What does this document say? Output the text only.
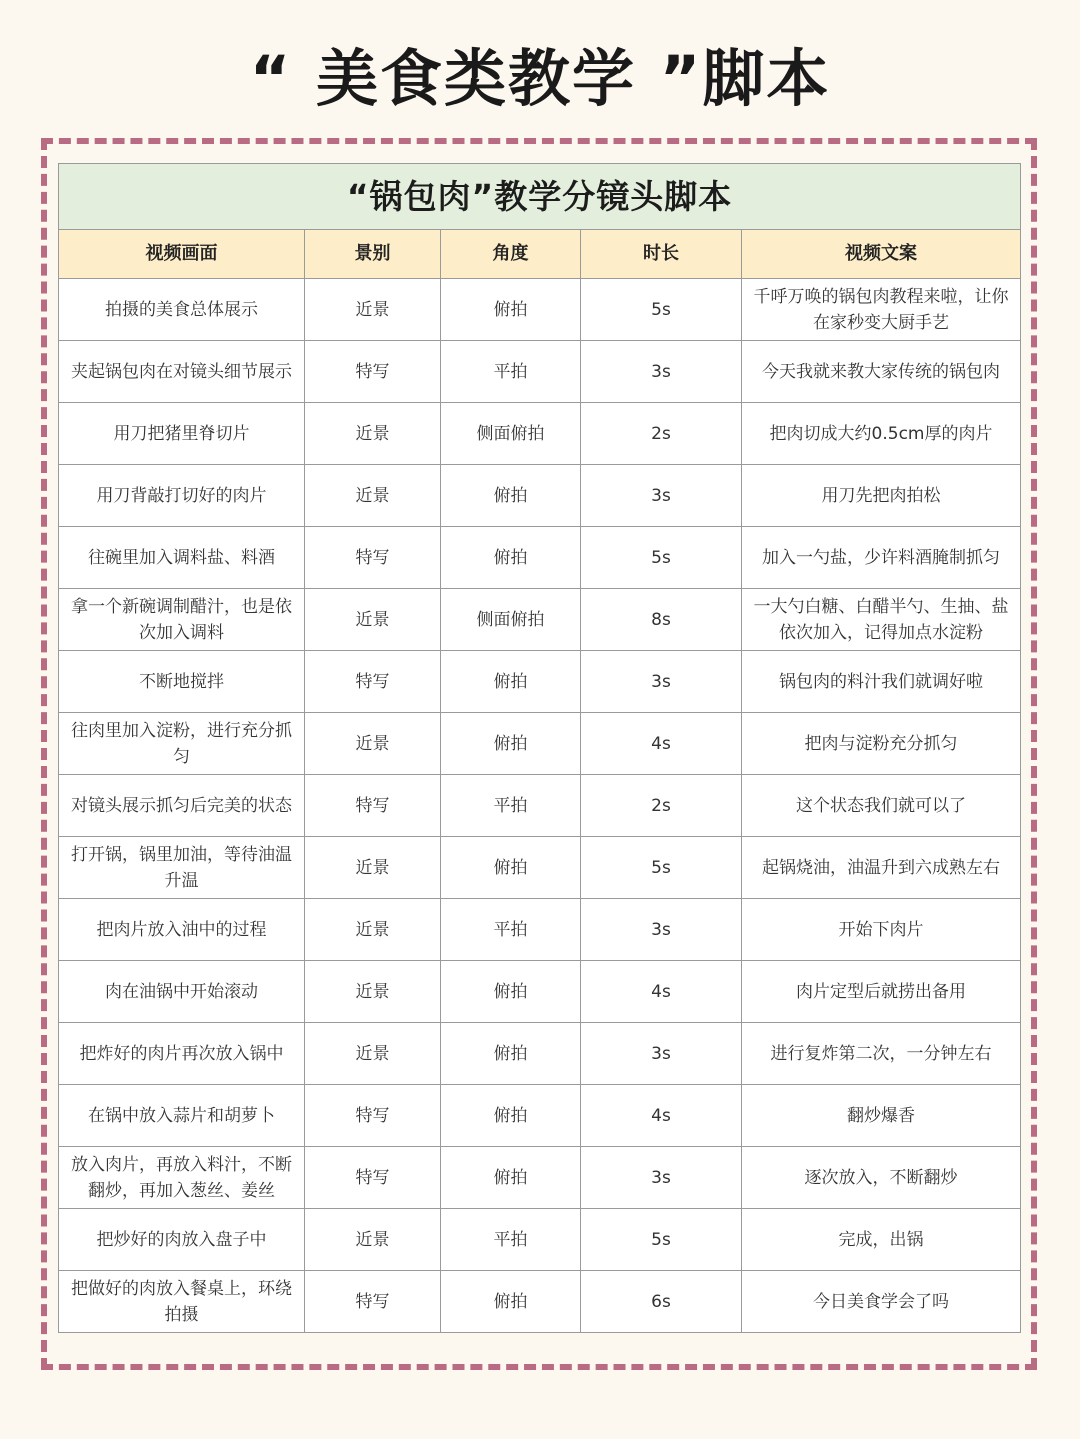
“ 美食类教学 ”脚本
“锅包肉”教学分镜头脚本				
视频画面	景别	角度	时长	视频文案
拍摄的美食总体展示	近景	俯拍	5s	千呼万唤的锅包肉教程来啦，让你在家秒变大厨手艺
夹起锅包肉在对镜头细节展示	特写	平拍	3s	今天我就来教大家传统的锅包肉
用刀把猪里脊切片	近景	侧面俯拍	2s	把肉切成大约0.5cm厚的肉片
用刀背敲打切好的肉片	近景	俯拍	3s	用刀先把肉拍松
往碗里加入调料盐、料酒	特写	俯拍	5s	加入一勺盐，少许料酒腌制抓匀
拿一个新碗调制醋汁，也是依次加入调料	近景	侧面俯拍	8s	一大勺白糖、白醋半勺、生抽、盐依次加入，记得加点水淀粉
不断地搅拌	特写	俯拍	3s	锅包肉的料汁我们就调好啦
往肉里加入淀粉，进行充分抓匀	近景	俯拍	4s	把肉与淀粉充分抓匀
对镜头展示抓匀后完美的状态	特写	平拍	2s	这个状态我们就可以了
打开锅，锅里加油，等待油温升温	近景	俯拍	5s	起锅烧油，油温升到六成熟左右
把肉片放入油中的过程	近景	平拍	3s	开始下肉片
肉在油锅中开始滚动	近景	俯拍	4s	肉片定型后就捞出备用
把炸好的肉片再次放入锅中	近景	俯拍	3s	进行复炸第二次，一分钟左右
在锅中放入蒜片和胡萝卜	特写	俯拍	4s	翻炒爆香
放入肉片，再放入料汁，不断翻炒，再加入葱丝、姜丝	特写	俯拍	3s	逐次放入，不断翻炒
把炒好的肉放入盘子中	近景	平拍	5s	完成，出锅
把做好的肉放入餐桌上，环绕拍摄	特写	俯拍	6s	今日美食学会了吗
